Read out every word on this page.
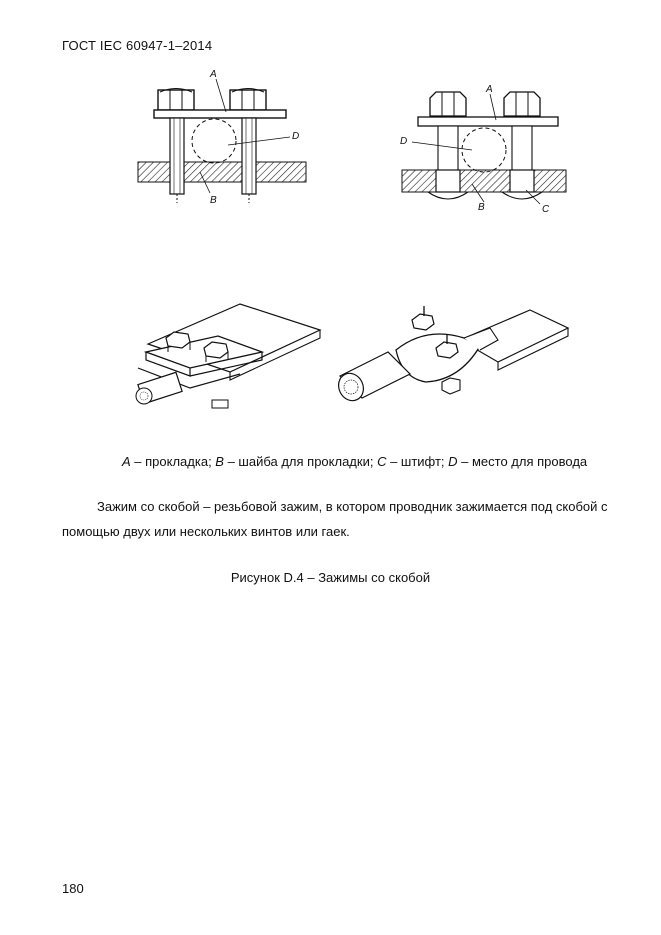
ГОСТ IEC 60947-1–2014
A
D
B
A
D
B	C
A – прокладка; B – шайба для прокладки; C – штифт; D – место для провода
Зажим со скобой – резьбовой зажим, в котором проводник зажимается под скобой с
помощью двух или нескольких винтов или гаек.
Рисунок D.4 – Зажимы со скобой
180
